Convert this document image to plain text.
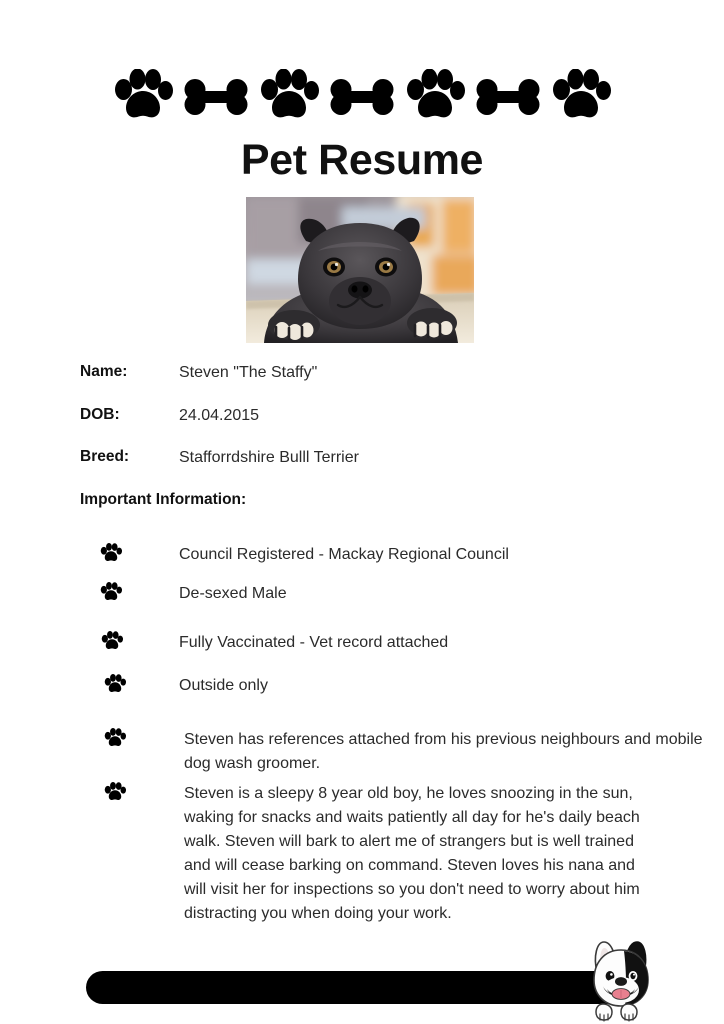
Pet Resume
Name:	Steven "The Staffy"
DOB:	24.04.2015
Breed:	Stafforrdshire Bulll Terrier
Important Information:
Council Registered - Mackay Regional Council
De-sexed Male
Fully Vaccinated - Vet record attached
Outside only
Steven has references attached from his previous neighbours and mobile dog wash groomer.
Steven is a sleepy 8 year old boy, he loves snoozing in the sun, waking for snacks and waits patiently all day for he's daily beach walk. Steven will bark to alert me of strangers but is well trained and will cease barking on command. Steven loves his nana and will visit her for inspections so you don't need to worry about him distracting you when doing your work.
